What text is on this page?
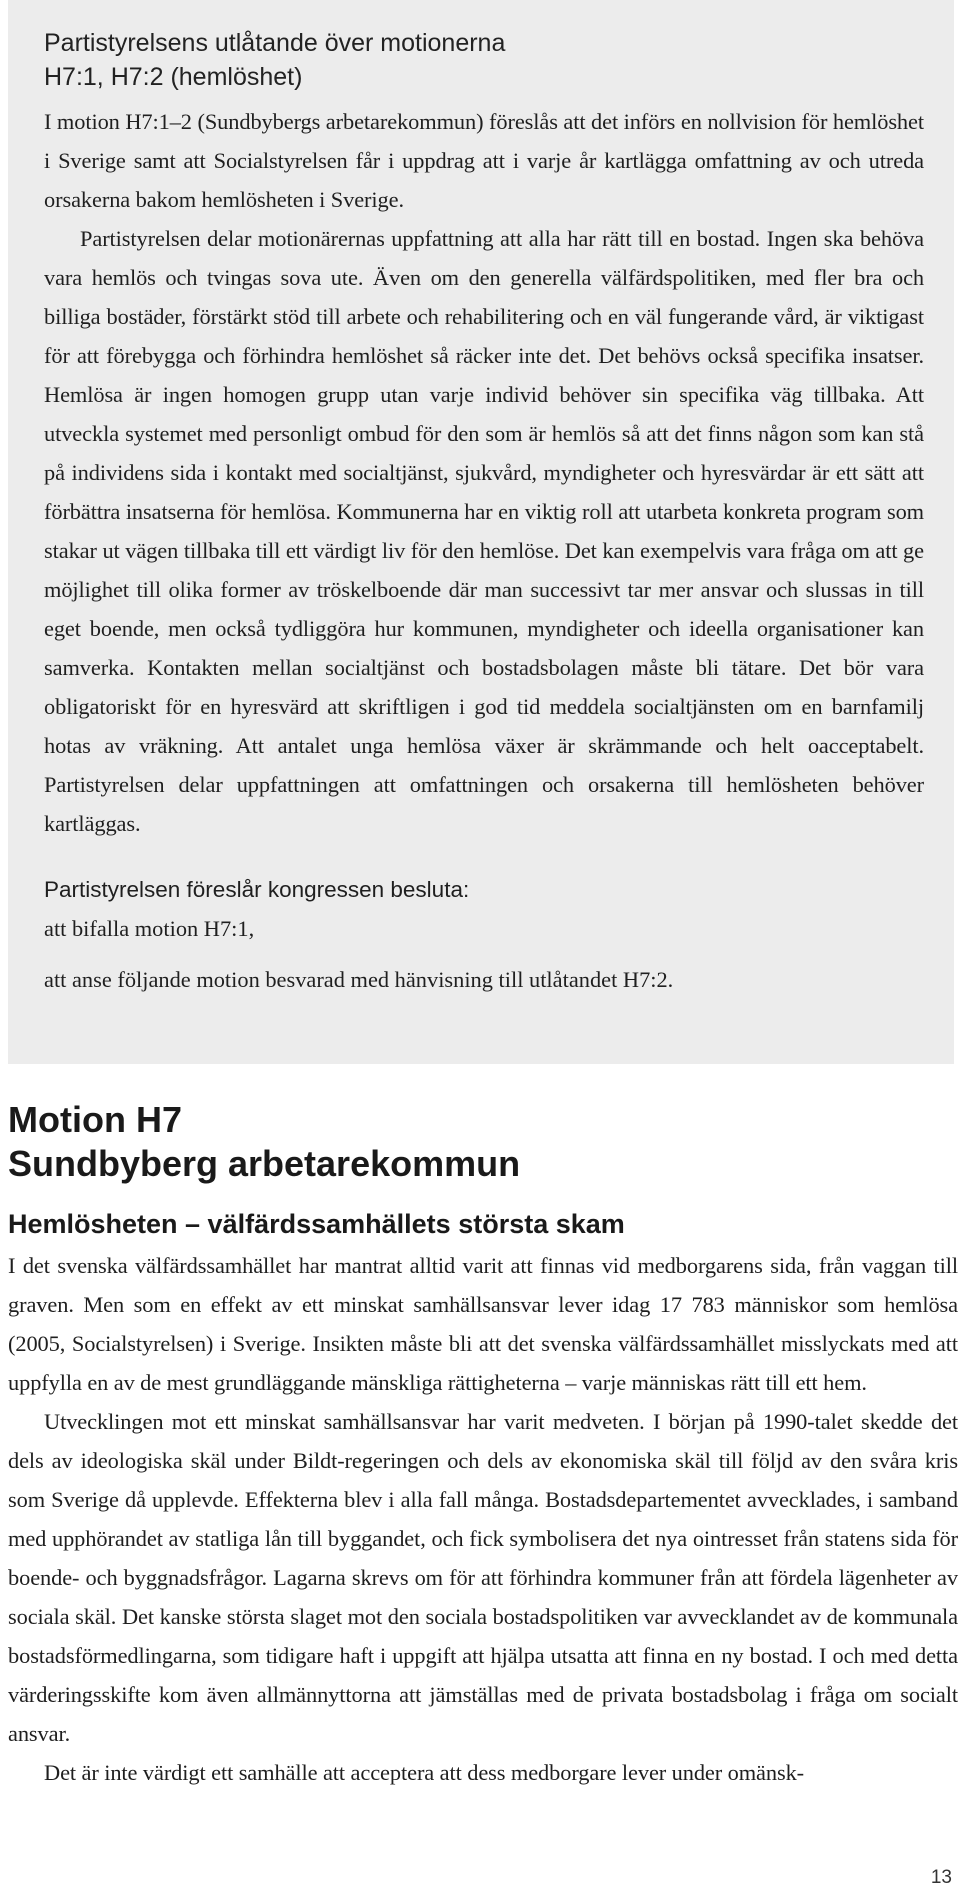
Partistyrelsens utlåtande över motionerna
H7:1, H7:2 (hemlöshet)

I motion H7:1–2 (Sundbybergs arbetarekommun) föreslås att det införs en nollvision för hemlöshet i Sverige samt att Socialstyrelsen får i uppdrag att i varje år kartlägga omfattning av och utreda orsakerna bakom hemlösheten i Sverige.

Partistyrelsen delar motionärernas uppfattning att alla har rätt till en bostad. Ingen ska behöva vara hemlös och tvingas sova ute. Även om den generella välfärdspolitiken, med fler bra och billiga bostäder, förstärkt stöd till arbete och rehabilitering och en väl fungerande vård, är viktigast för att förebygga och förhindra hemlöshet så räcker inte det. Det behövs också specifika insatser. Hemlösa är ingen homogen grupp utan varje individ behöver sin specifika väg tillbaka. Att utveckla systemet med personligt ombud för den som är hemlös så att det finns någon som kan stå på individens sida i kontakt med socialtjänst, sjukvård, myndigheter och hyresvärdar är ett sätt att förbättra insatserna för hemlösa. Kommunerna har en viktig roll att utarbeta konkreta program som stakar ut vägen tillbaka till ett värdigt liv för den hemlöse. Det kan exempelvis vara fråga om att ge möjlighet till olika former av tröskelboende där man successivt tar mer ansvar och slussas in till eget boende, men också tydliggöra hur kommunen, myndigheter och ideella organisationer kan samverka. Kontakten mellan socialtjänst och bostadsbolagen måste bli tätare. Det bör vara obligatoriskt för en hyresvärd att skriftligen i god tid meddela socialtjänsten om en barnfamilj hotas av vräkning. Att antalet unga hemlösa växer är skrämmande och helt oacceptabelt. Partistyrelsen delar uppfattningen att omfattningen och orsakerna till hemlösheten behöver kartläggas.

Partistyrelsen föreslår kongressen besluta:

att bifalla motion H7:1,

att anse följande motion besvarad med hänvisning till utlåtandet H7:2.

Motion H7
Sundbyberg arbetarekommun
Hemlösheten – välfärdssamhällets största skam

I det svenska välfärdssamhället har mantrat alltid varit att finnas vid medborgarens sida, från vaggan till graven. Men som en effekt av ett minskat samhällsansvar lever idag 17 783 människor som hemlösa (2005, Socialstyrelsen) i Sverige. Insikten måste bli att det svenska välfärdssamhället misslyckats med att uppfylla en av de mest grundläggande mänskliga rättigheterna – varje människas rätt till ett hem.

Utvecklingen mot ett minskat samhällsansvar har varit medveten. I början på 1990-talet skedde det dels av ideologiska skäl under Bildt-regeringen och dels av ekonomiska skäl till följd av den svåra kris som Sverige då upplevde. Effekterna blev i alla fall många. Bostadsdepartementet avvecklades, i samband med upphörandet av statliga lån till byggandet, och fick symbolisera det nya ointresset från statens sida för boende- och byggnadsfrågor. Lagarna skrevs om för att förhindra kommuner från att fördela lägenheter av sociala skäl. Det kanske största slaget mot den sociala bostadspolitiken var avvecklandet av de kommunala bostadsförmedlingarna, som tidigare haft i uppgift att hjälpa utsatta att finna en ny bostad. I och med detta värderingsskifte kom även allmännyttorna att jämställas med de privata bostadsbolag i fråga om socialt ansvar.

Det är inte värdigt ett samhälle att acceptera att dess medborgare lever under omänsk-

13
